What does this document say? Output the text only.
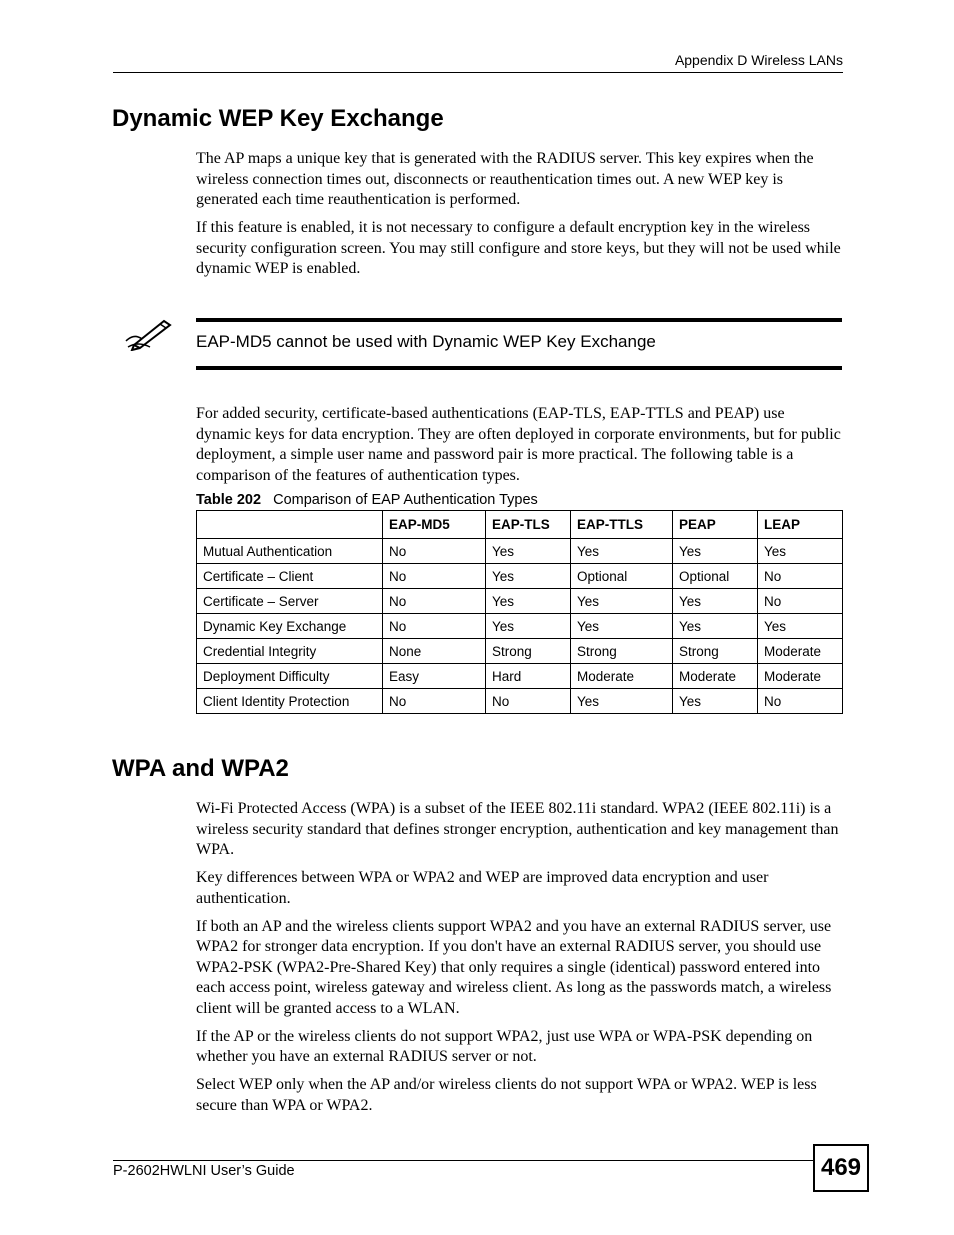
Appendix D Wireless LANs
Dynamic WEP Key Exchange

The AP maps a unique key that is generated with the RADIUS server. This key expires when the wireless connection times out, disconnects or reauthentication times out. A new WEP key is generated each time reauthentication is performed.

If this feature is enabled, it is not necessary to configure a default encryption key in the wireless security configuration screen. You may still configure and store keys, but they will not be used while dynamic WEP is enabled.

EAP-MD5 cannot be used with Dynamic WEP Key Exchange

For added security, certificate-based authentications (EAP-TLS, EAP-TTLS and PEAP) use dynamic keys for data encryption. They are often deployed in corporate environments, but for public deployment, a simple user name and password pair is more practical. The following table is a comparison of the features of authentication types.

Table 202 Comparison of EAP Authentication Types
	EAP-MD5	EAP-TLS	EAP-TTLS	PEAP	LEAP
Mutual Authentication	No	Yes	Yes	Yes	Yes
Certificate – Client	No	Yes	Optional	Optional	No
Certificate – Server	No	Yes	Yes	Yes	No
Dynamic Key Exchange	No	Yes	Yes	Yes	Yes
Credential Integrity	None	Strong	Strong	Strong	Moderate
Deployment Difficulty	Easy	Hard	Moderate	Moderate	Moderate
Client Identity Protection	No	No	Yes	Yes	No
WPA and WPA2

Wi-Fi Protected Access (WPA) is a subset of the IEEE 802.11i standard. WPA2 (IEEE 802.11i) is a wireless security standard that defines stronger encryption, authentication and key management than WPA.

Key differences between WPA or WPA2 and WEP are improved data encryption and user authentication.

If both an AP and the wireless clients support WPA2 and you have an external RADIUS server, use WPA2 for stronger data encryption. If you don't have an external RADIUS server, you should use WPA2-PSK (WPA2-Pre-Shared Key) that only requires a single (identical) password entered into each access point, wireless gateway and wireless client. As long as the passwords match, a wireless client will be granted access to a WLAN.

If the AP or the wireless clients do not support WPA2, just use WPA or WPA-PSK depending on whether you have an external RADIUS server or not.

Select WEP only when the AP and/or wireless clients do not support WPA or WPA2. WEP is less secure than WPA or WPA2.

P-2602HWLNI User’s Guide	469
